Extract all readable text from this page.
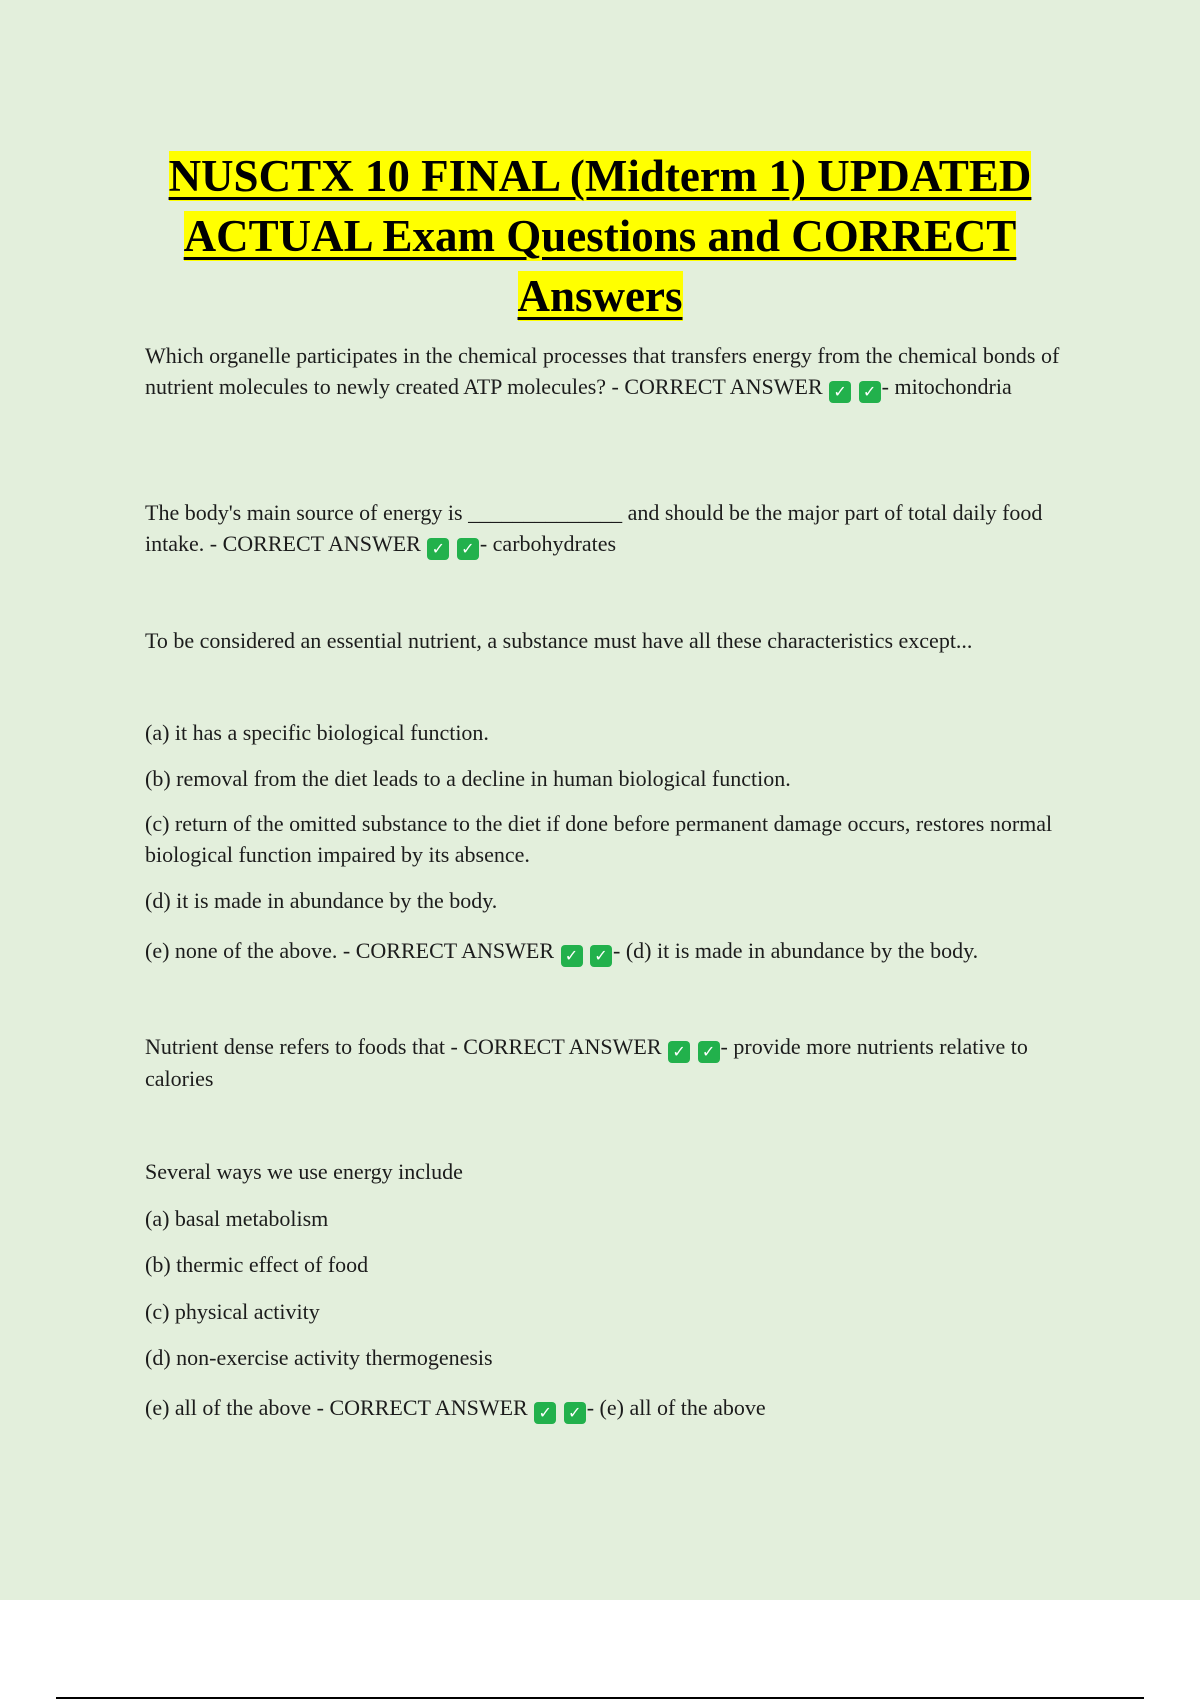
NUSCTX 10 FINAL (Midterm 1) UPDATED
ACTUAL Exam Questions and CORRECT
Answers

Which organelle participates in the chemical processes that transfers energy from the chemical bonds of nutrient molecules to newly created ATP molecules? - CORRECT ANSWER ✓ ✓ - mitochondria

The body's main source of energy is ______________ and should be the major part of total daily food intake. - CORRECT ANSWER ✓ ✓ - carbohydrates

To be considered an essential nutrient, a substance must have all these characteristics except...

(a) it has a specific biological function.

(b) removal from the diet leads to a decline in human biological function.

(c) return of the omitted substance to the diet if done before permanent damage occurs, restores normal biological function impaired by its absence.

(d) it is made in abundance by the body.

(e) none of the above. - CORRECT ANSWER ✓ ✓ - (d) it is made in abundance by the body.

Nutrient dense refers to foods that - CORRECT ANSWER ✓ ✓ - provide more nutrients relative to calories

Several ways we use energy include

(a) basal metabolism

(b) thermic effect of food

(c) physical activity

(d) non-exercise activity thermogenesis

(e) all of the above - CORRECT ANSWER ✓ ✓ - (e) all of the above
